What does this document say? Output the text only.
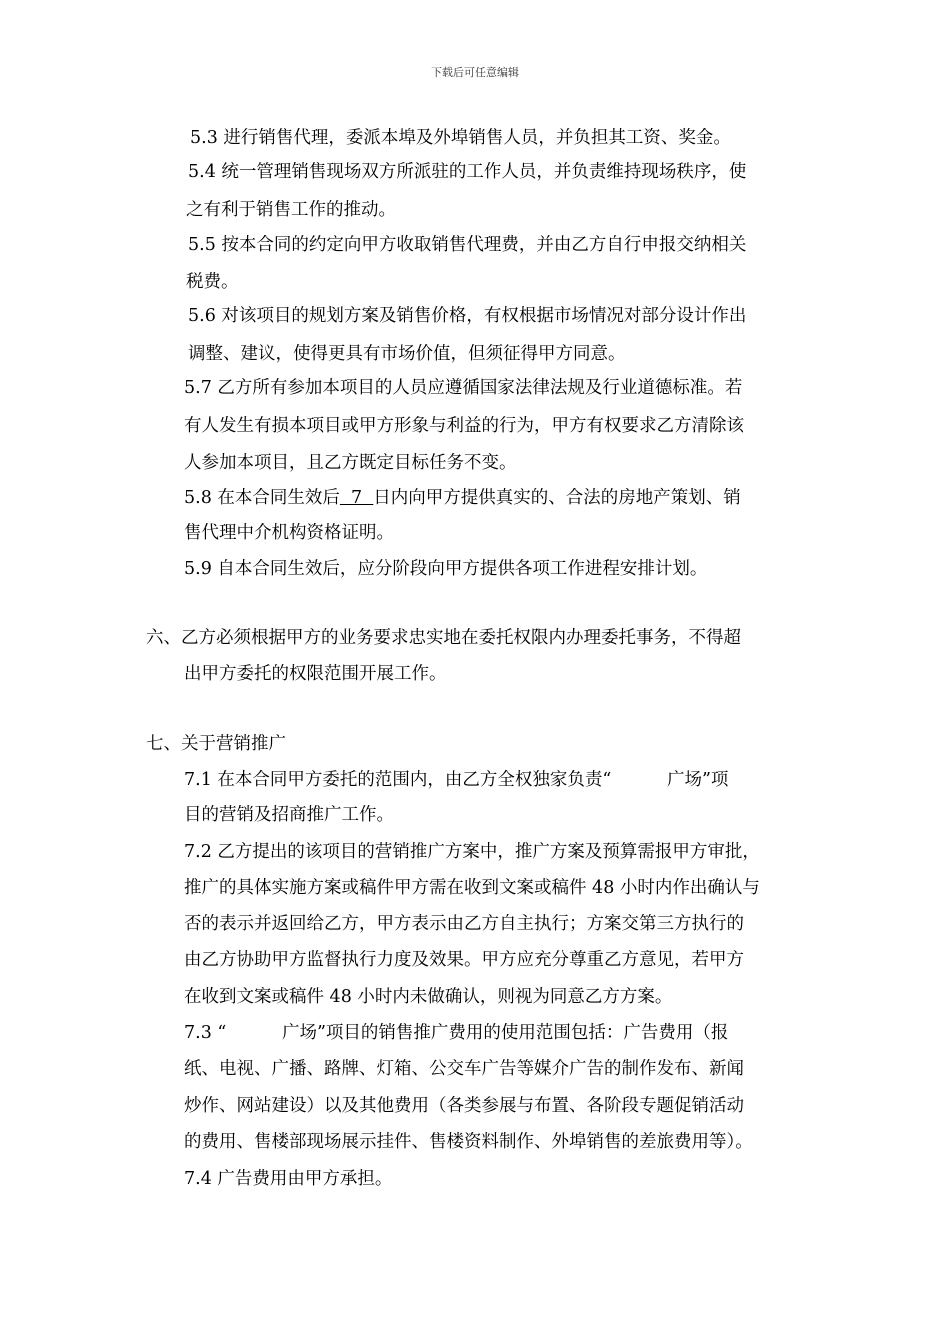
下载后可任意编辑
5.3 进行销售代理，委派本埠及外埠销售人员，并负担其工资、奖金。
5.4 统一管理销售现场双方所派驻的工作人员，并负责维持现场秩序，使
之有利于销售工作的推动。
5.5 按本合同的约定向甲方收取销售代理费，并由乙方自行申报交纳相关
税费。
5.6 对该项目的规划方案及销售价格，有权根据市场情况对部分设计作出
调整、建议，使得更具有市场价值，但须征得甲方同意。
5.7 乙方所有参加本项目的人员应遵循国家法律法规及行业道德标准。若
有人发生有损本项目或甲方形象与利益的行为，甲方有权要求乙方清除该
人参加本项目，且乙方既定目标任务不变。
5.8 在本合同生效后  7  日内向甲方提供真实的、合法的房地产策划、销
售代理中介机构资格证明。
5.9 自本合同生效后，应分阶段向甲方提供各项工作进程安排计划。
六、乙方必须根据甲方的业务要求忠实地在委托权限内办理委托事务，不得超
出甲方委托的权限范围开展工作。
七、关于营销推广
7.1 在本合同甲方委托的范围内，由乙方全权独家负责“          广场”项
目的营销及招商推广工作。
7.2 乙方提出的该项目的营销推广方案中，推广方案及预算需报甲方审批，
推广的具体实施方案或稿件甲方需在收到文案或稿件 48 小时内作出确认与
否的表示并返回给乙方，甲方表示由乙方自主执行；方案交第三方执行的
由乙方协助甲方监督执行力度及效果。甲方应充分尊重乙方意见，若甲方
在收到文案或稿件 48 小时内未做确认，则视为同意乙方方案。
7.3 “          广场”项目的销售推广费用的使用范围包括：广告费用（报
纸、电视、广播、路牌、灯箱、公交车广告等媒介广告的制作发布、新闻
炒作、网站建设）以及其他费用（各类参展与布置、各阶段专题促销活动
的费用、售楼部现场展示挂件、售楼资料制作、外埠销售的差旅费用等）。
7.4 广告费用由甲方承担。
